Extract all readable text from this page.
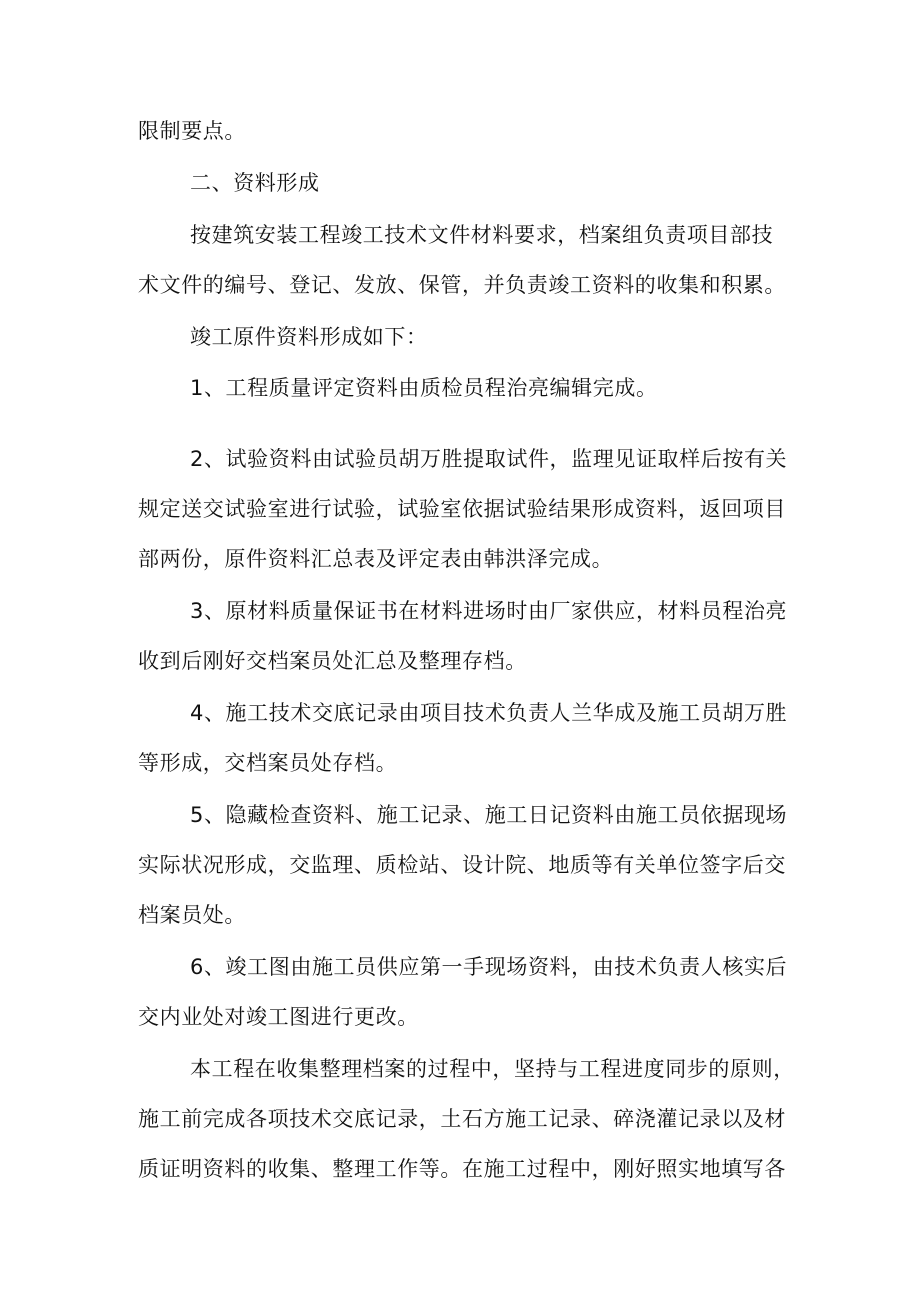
限制要点。

二、资料形成

按建筑安装工程竣工技术文件材料要求，档案组负责项目部技

术文件的编号、登记、发放、保管，并负责竣工资料的收集和积累。

竣工原件资料形成如下：

1、工程质量评定资料由质检员程治亮编辑完成。

2、试验资料由试验员胡万胜提取试件，监理见证取样后按有关

规定送交试验室进行试验，试验室依据试验结果形成资料，返回项目

部两份，原件资料汇总表及评定表由韩洪泽完成。

3、原材料质量保证书在材料进场时由厂家供应，材料员程治亮

收到后刚好交档案员处汇总及整理存档。

4、施工技术交底记录由项目技术负责人兰华成及施工员胡万胜

等形成，交档案员处存档。

5、隐藏检查资料、施工记录、施工日记资料由施工员依据现场

实际状况形成，交监理、质检站、设计院、地质等有关单位签字后交

档案员处。

6、竣工图由施工员供应第一手现场资料，由技术负责人核实后

交内业处对竣工图进行更改。

本工程在收集整理档案的过程中，坚持与工程进度同步的原则，

施工前完成各项技术交底记录，土石方施工记录、碎浇灌记录以及材

质证明资料的收集、整理工作等。在施工过程中，刚好照实地填写各
